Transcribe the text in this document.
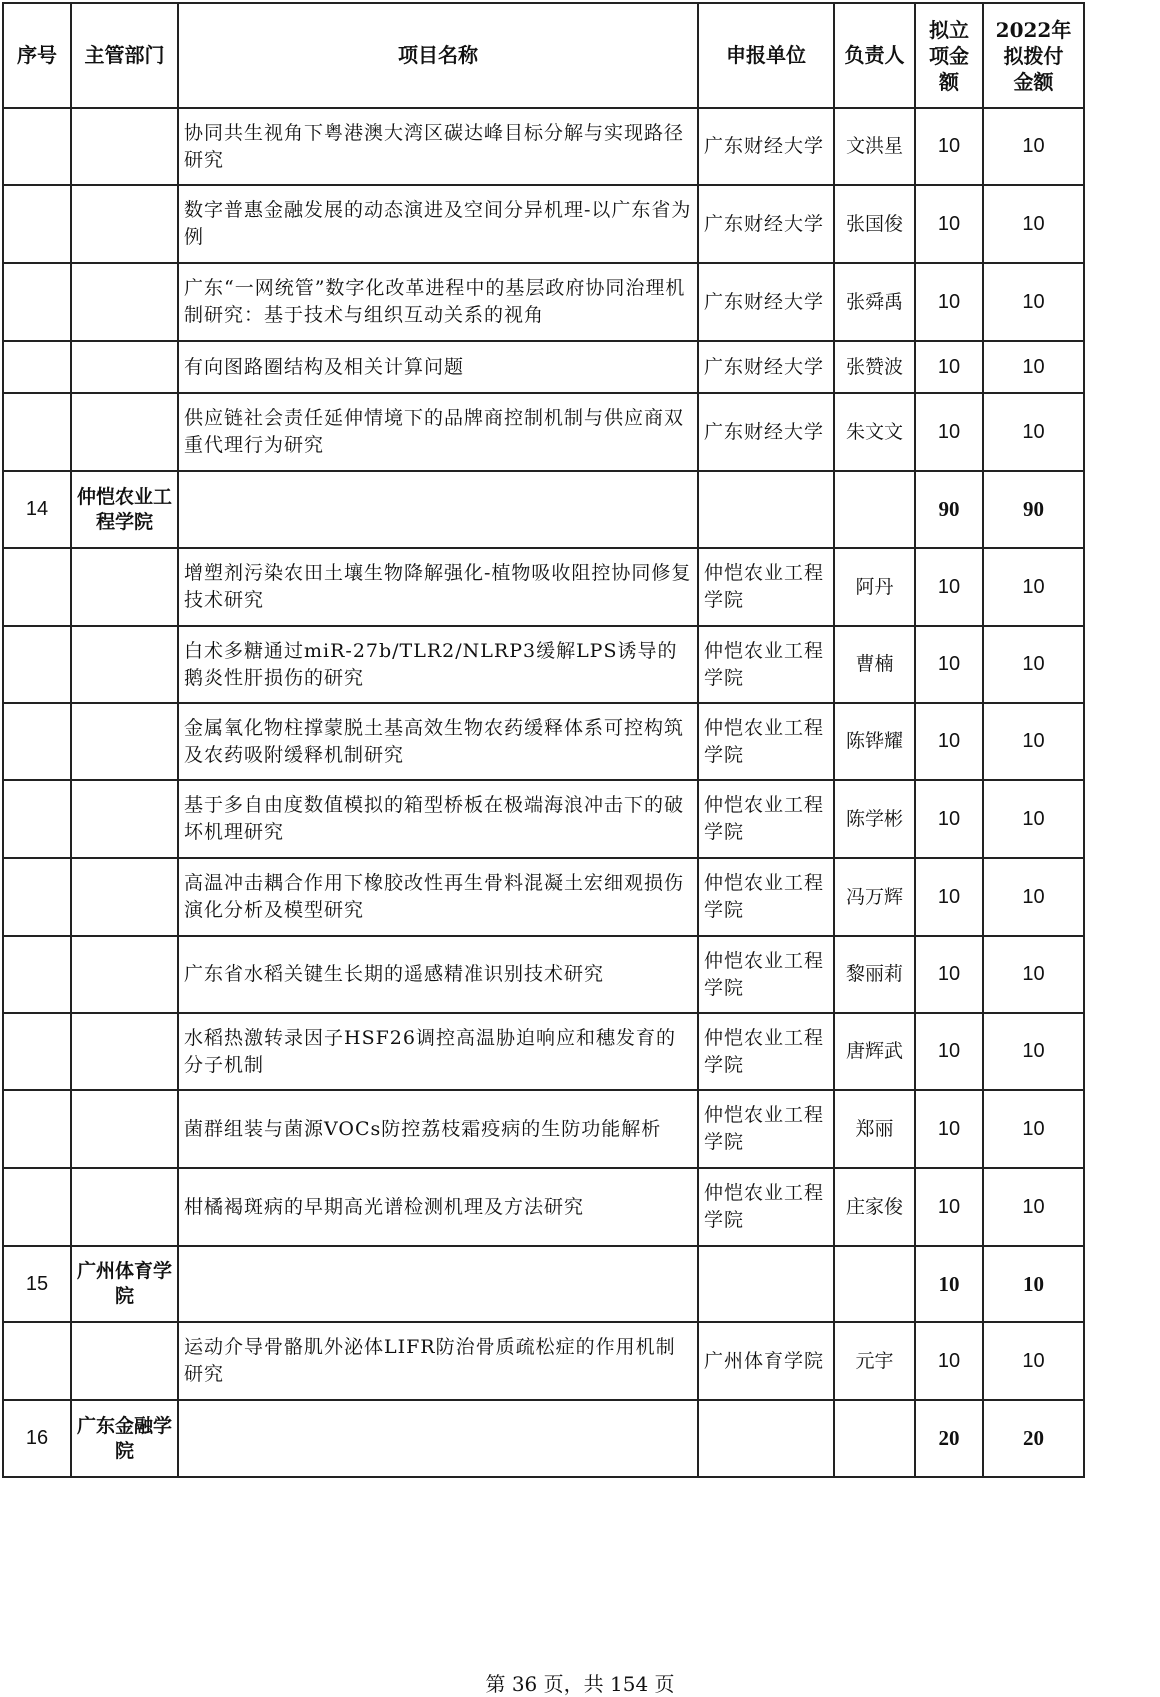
序号	主管部门	项目名称	申报单位	负责人	拟立项金额	2022年拟拨付金额
		协同共生视角下粤港澳大湾区碳达峰目标分解与实现路径研究	广东财经大学	文洪星	10	10
		数字普惠金融发展的动态演进及空间分异机理-以广东省为例	广东财经大学	张国俊	10	10
		广东“一网统管”数字化改革进程中的基层政府协同治理机制研究：基于技术与组织互动关系的视角	广东财经大学	张舜禹	10	10
		有向图路圈结构及相关计算问题	广东财经大学	张赞波	10	10
		供应链社会责任延伸情境下的品牌商控制机制与供应商双重代理行为研究	广东财经大学	朱文文	10	10
14	仲恺农业工程学院				90	90
		增塑剂污染农田土壤生物降解强化-植物吸收阻控协同修复技术研究	仲恺农业工程学院	阿丹	10	10
		白术多糖通过miR-27b/TLR2/NLRP3缓解LPS诱导的鹅炎性肝损伤的研究	仲恺农业工程学院	曹楠	10	10
		金属氧化物柱撑蒙脱土基高效生物农药缓释体系可控构筑及农药吸附缓释机制研究	仲恺农业工程学院	陈铧耀	10	10
		基于多自由度数值模拟的箱型桥板在极端海浪冲击下的破坏机理研究	仲恺农业工程学院	陈学彬	10	10
		高温冲击耦合作用下橡胶改性再生骨料混凝土宏细观损伤演化分析及模型研究	仲恺农业工程学院	冯万辉	10	10
		广东省水稻关键生长期的遥感精准识别技术研究	仲恺农业工程学院	黎丽莉	10	10
		水稻热激转录因子HSF26调控高温胁迫响应和穗发育的分子机制	仲恺农业工程学院	唐辉武	10	10
		菌群组装与菌源VOCs防控荔枝霜疫病的生防功能解析	仲恺农业工程学院	郑丽	10	10
		柑橘褐斑病的早期高光谱检测机理及方法研究	仲恺农业工程学院	庄家俊	10	10
15	广州体育学院				10	10
		运动介导骨骼肌外泌体LIFR防治骨质疏松症的作用机制研究	广州体育学院	元宇	10	10
16	广东金融学院				20	20
第 36 页，共 154 页
